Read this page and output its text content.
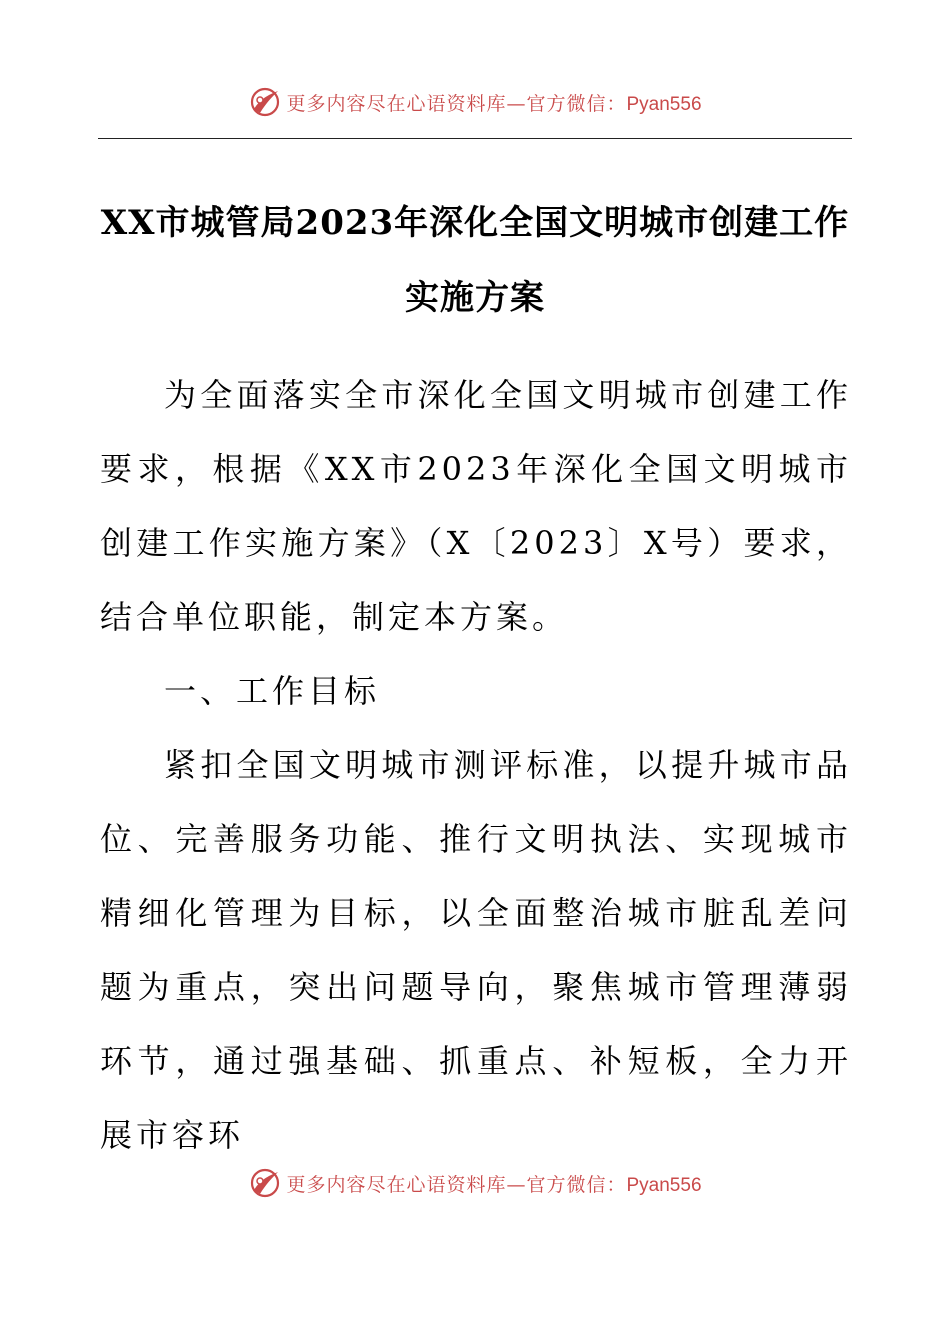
更多内容尽在心语资料库—官方微信：Pyan556
XX市城管局2023年深化全国文明城市创建工作实施方案

为全面落实全市深化全国文明城市创建工作要求，根据《XX市2023年深化全国文明城市创建工作实施方案》（X〔2023〕X号）要求，结合单位职能，制定本方案。

一、工作目标

紧扣全国文明城市测评标准，以提升城市品位、完善服务功能、推行文明执法、实现城市精细化管理为目标，以全面整治城市脏乱差问题为重点，突出问题导向，聚焦城市管理薄弱环节，通过强基础、抓重点、补短板，全力开展市容环

更多内容尽在心语资料库—官方微信：Pyan556
